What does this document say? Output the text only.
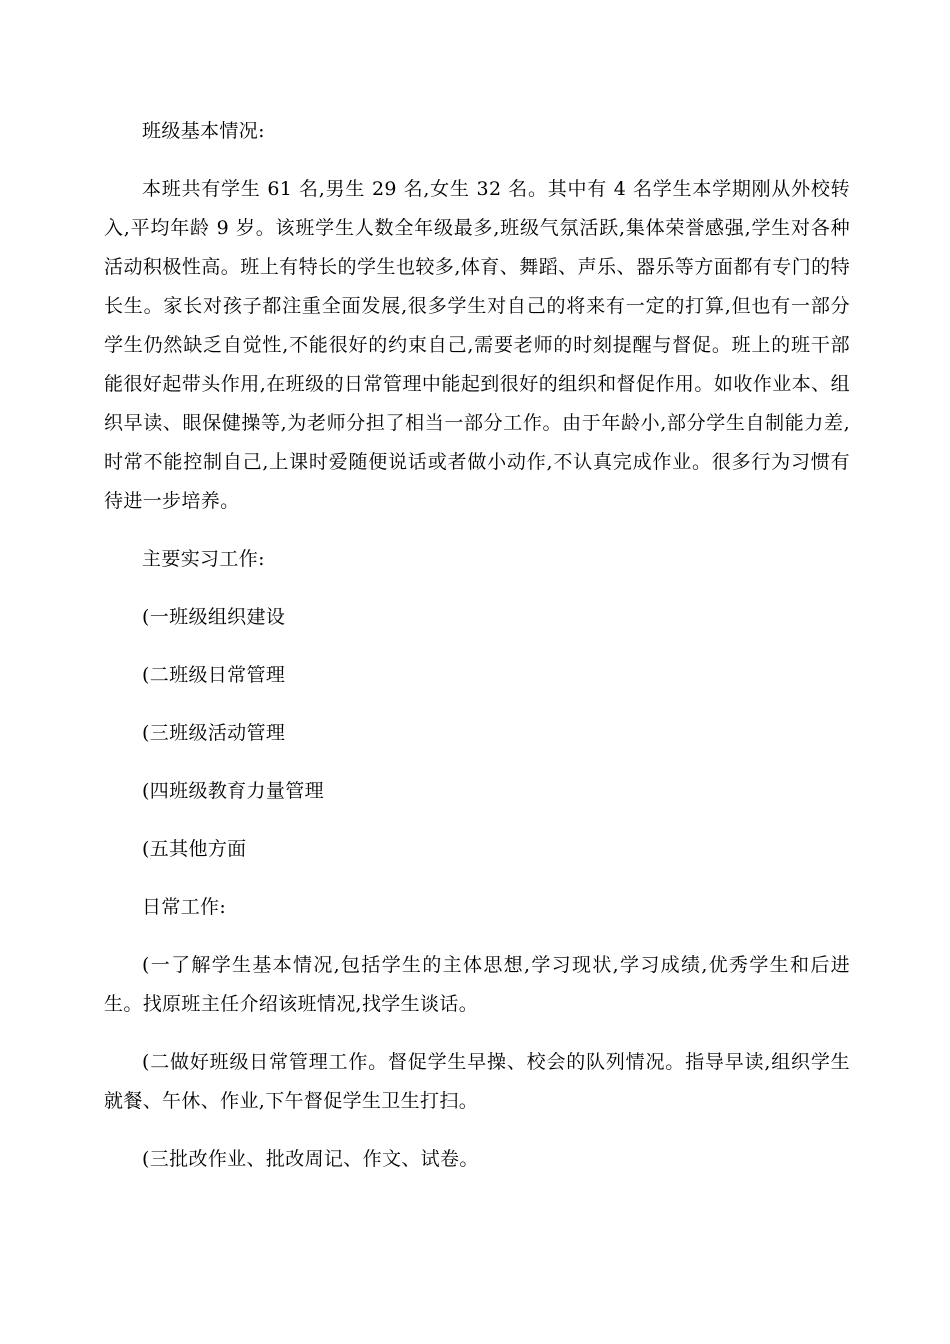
班级基本情况:

本班共有学生 61 名,男生 29 名,女生 32 名。其中有 4 名学生本学期刚从外校转入,平均年龄 9 岁。该班学生人数全年级最多,班级气氛活跃,集体荣誉感强,学生对各种活动积极性高。班上有特长的学生也较多,体育、舞蹈、声乐、器乐等方面都有专门的特长生。家长对孩子都注重全面发展,很多学生对自己的将来有一定的打算,但也有一部分学生仍然缺乏自觉性,不能很好的约束自己,需要老师的时刻提醒与督促。班上的班干部能很好起带头作用,在班级的日常管理中能起到很好的组织和督促作用。如收作业本、组织早读、眼保健操等,为老师分担了相当一部分工作。由于年龄小,部分学生自制能力差,时常不能控制自己,上课时爱随便说话或者做小动作,不认真完成作业。很多行为习惯有待进一步培养。

主要实习工作:

(一班级组织建设

(二班级日常管理

(三班级活动管理

(四班级教育力量管理

(五其他方面

日常工作:

(一了解学生基本情况,包括学生的主体思想,学习现状,学习成绩,优秀学生和后进生。找原班主任介绍该班情况,找学生谈话。

(二做好班级日常管理工作。督促学生早操、校会的队列情况。指导早读,组织学生就餐、午休、作业,下午督促学生卫生打扫。

(三批改作业、批改周记、作文、试卷。
